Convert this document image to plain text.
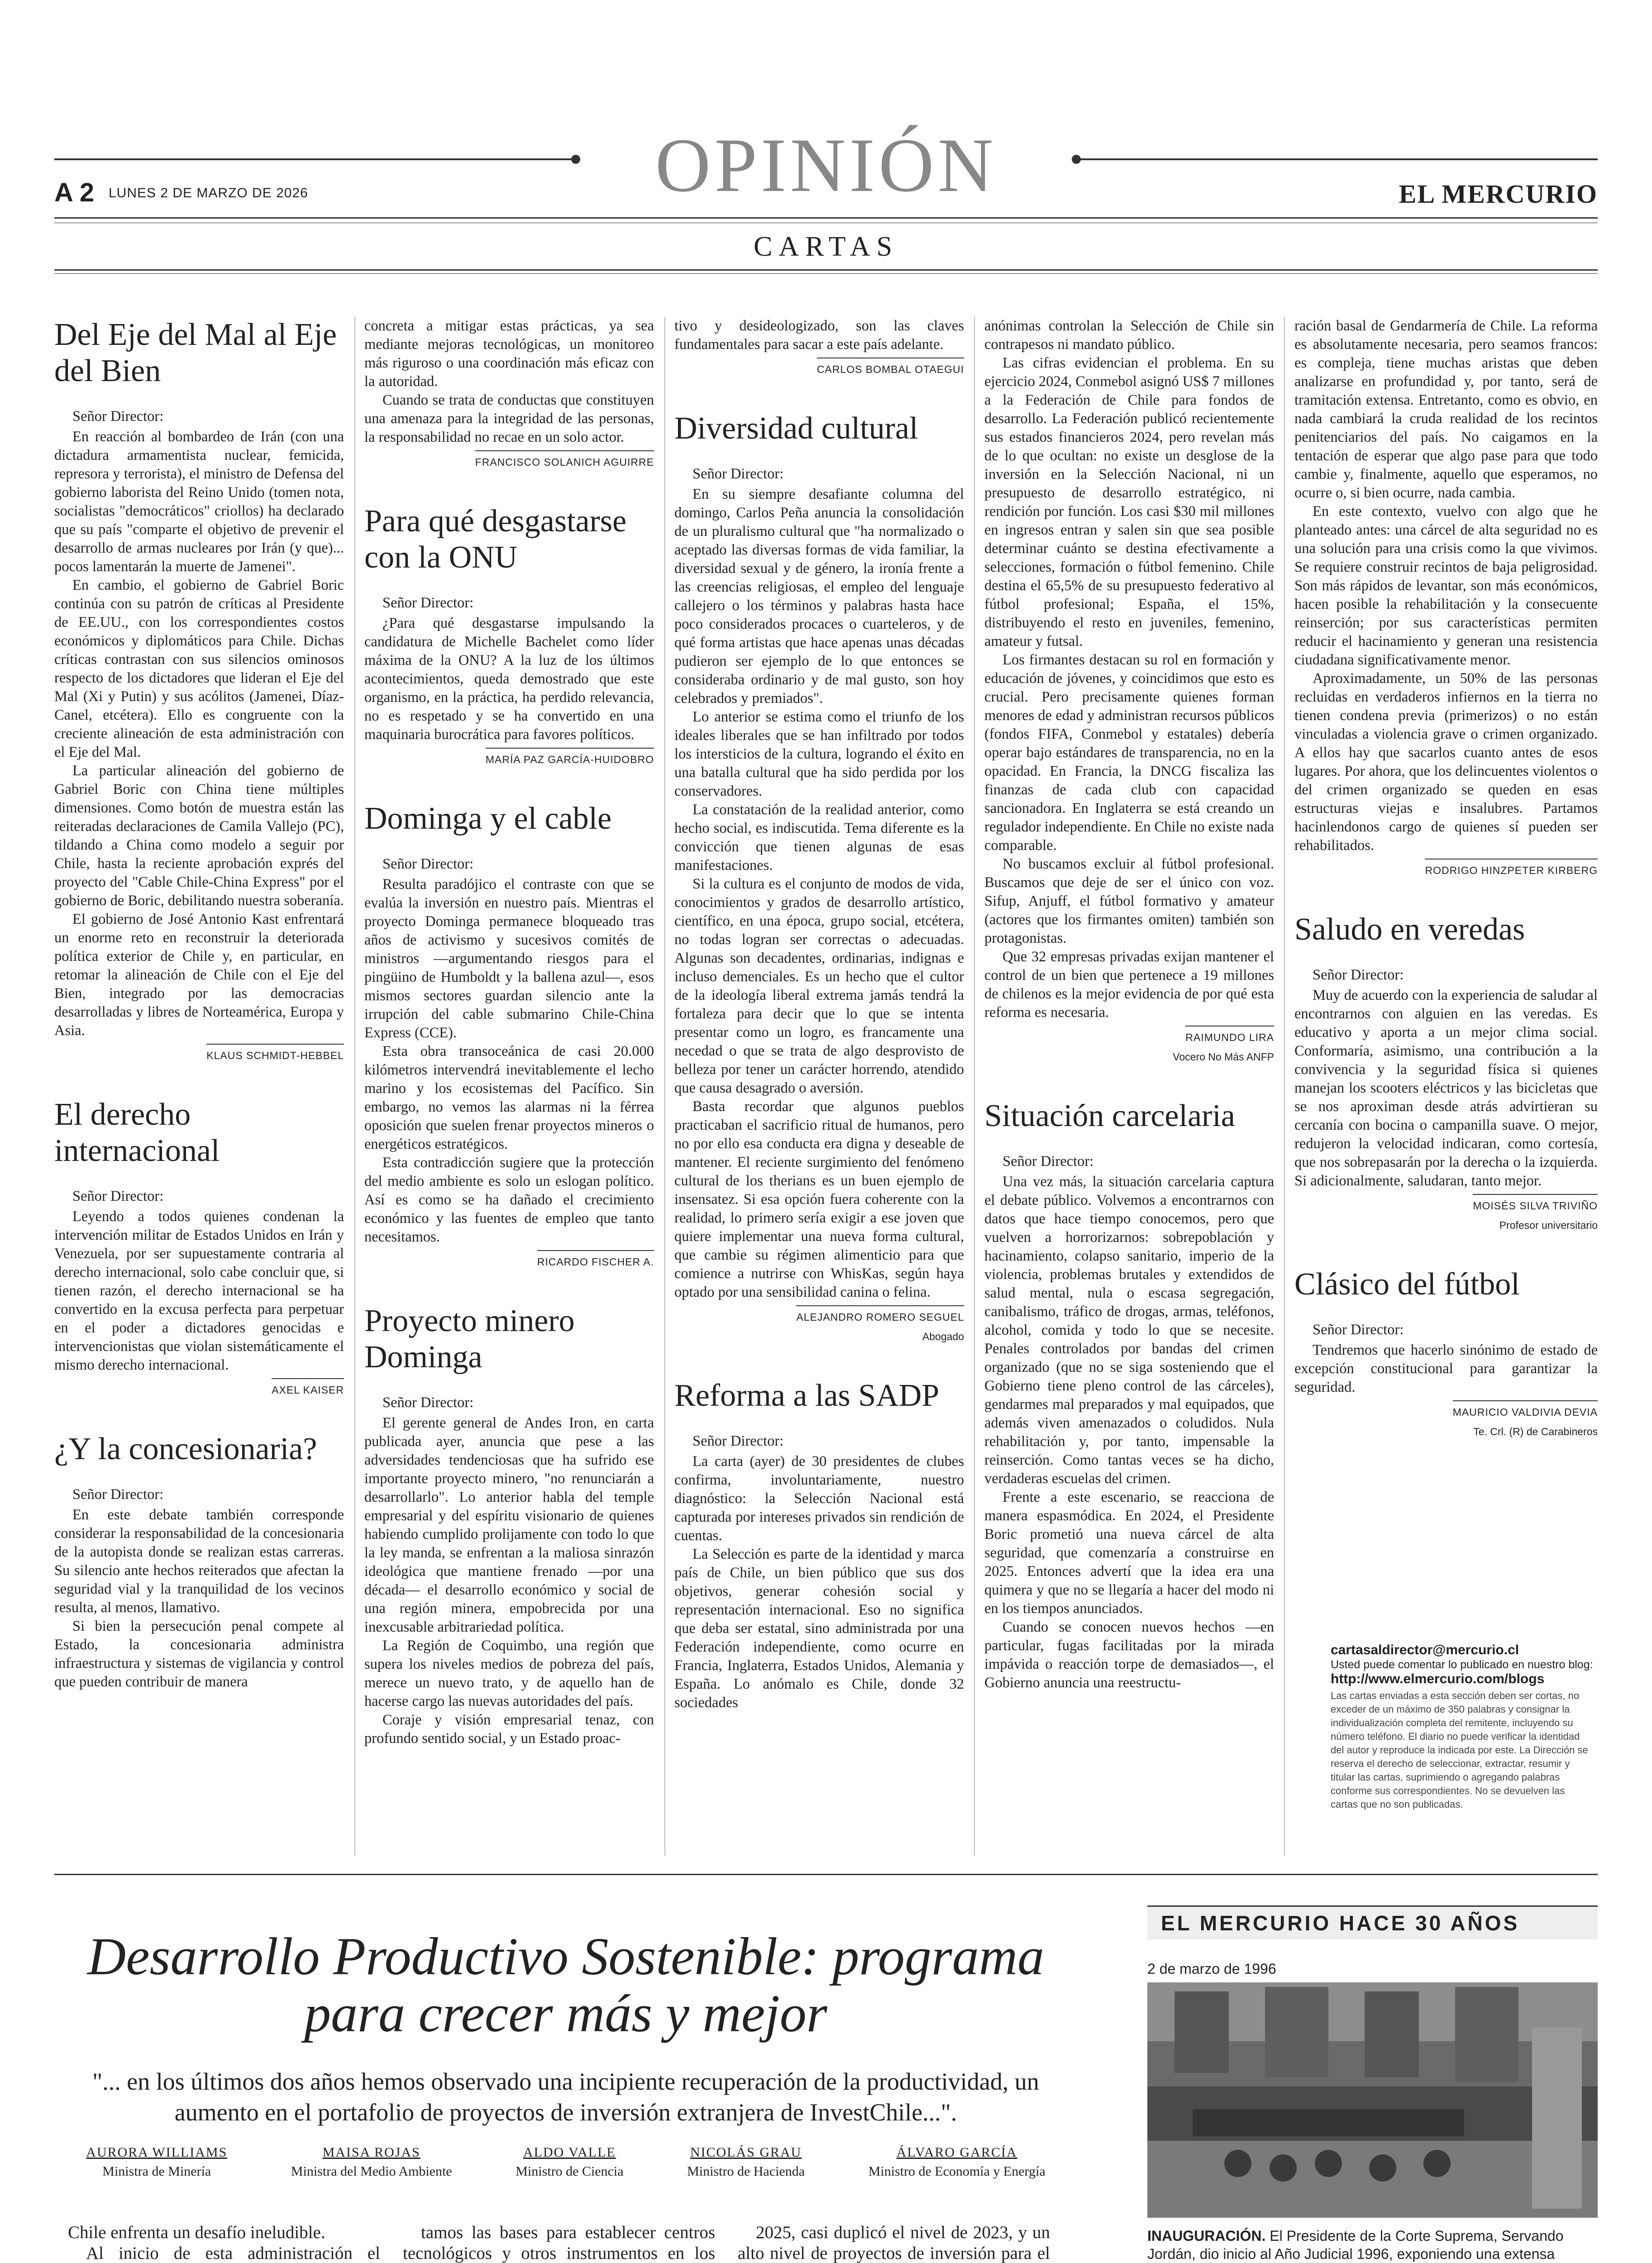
OPINIÓN
A 2 LUNES 2 DE MARZO DE 2026	EL MERCURIO
CARTAS
Del Eje del Mal al Eje del Bien

Señor Director:

En reacción al bombardeo de Irán (con una dictadura armamentista nuclear, femicida, represora y terrorista), el ministro de Defensa del gobierno laborista del Reino Unido (tomen nota, socialistas "democráticos" criollos) ha declarado que su país "comparte el objetivo de prevenir el desarrollo de armas nucleares por Irán (y que)... pocos lamentarán la muerte de Jamenei".

En cambio, el gobierno de Gabriel Boric continúa con su patrón de críticas al Presidente de EE.UU., con los correspondientes costos económicos y diplomáticos para Chile. Dichas críticas contrastan con sus silencios ominosos respecto de los dictadores que lideran el Eje del Mal (Xi y Putin) y sus acólitos (Jamenei, Díaz-Canel, etcétera). Ello es congruente con la creciente alineación de esta administración con el Eje del Mal.

La particular alineación del gobierno de Gabriel Boric con China tiene múltiples dimensiones. Como botón de muestra están las reiteradas declaraciones de Camila Vallejo (PC), tildando a China como modelo a seguir por Chile, hasta la reciente aprobación exprés del proyecto del "Cable Chile-China Express" por el gobierno de Boric, debilitando nuestra soberanía.

El gobierno de José Antonio Kast enfrentará un enorme reto en reconstruir la deteriorada política exterior de Chile y, en particular, en retomar la alineación de Chile con el Eje del Bien, integrado por las democracias desarrolladas y libres de Norteamérica, Europa y Asia.

KLAUS SCHMIDT-HEBBEL
El derecho internacional

Señor Director:

Leyendo a todos quienes condenan la intervención militar de Estados Unidos en Irán y Venezuela, por ser supuestamente contraria al derecho internacional, solo cabe concluir que, si tienen razón, el derecho internacional se ha convertido en la excusa perfecta para perpetuar en el poder a dictadores genocidas e intervencionistas que violan sistemáticamente el mismo derecho internacional.

AXEL KAISER
¿Y la concesionaria?

Señor Director:

En este debate también corresponde considerar la responsabilidad de la concesionaria de la autopista donde se realizan estas carreras. Su silencio ante hechos reiterados que afectan la seguridad vial y la tranquilidad de los vecinos resulta, al menos, llamativo.

Si bien la persecución penal compete al Estado, la concesionaria administra infraestructura y sistemas de vigilancia y control que pueden contribuir de manera

concreta a mitigar estas prácticas, ya sea mediante mejoras tecnológicas, un monitoreo más riguroso o una coordinación más eficaz con la autoridad.

Cuando se trata de conductas que constituyen una amenaza para la integridad de las personas, la responsabilidad no recae en un solo actor.

FRANCISCO SOLANICH AGUIRRE
Para qué desgastarse con la ONU

Señor Director:

¿Para qué desgastarse impulsando la candidatura de Michelle Bachelet como líder máxima de la ONU? A la luz de los últimos acontecimientos, queda demostrado que este organismo, en la práctica, ha perdido relevancia, no es respetado y se ha convertido en una maquinaria burocrática para favores políticos.

MARÍA PAZ GARCÍA-HUIDOBRO
Dominga y el cable

Señor Director:

Resulta paradójico el contraste con que se evalúa la inversión en nuestro país. Mientras el proyecto Dominga permanece bloqueado tras años de activismo y sucesivos comités de ministros —argumentando riesgos para el pingüino de Humboldt y la ballena azul—, esos mismos sectores guardan silencio ante la irrupción del cable submarino Chile-China Express (CCE).

Esta obra transoceánica de casi 20.000 kilómetros intervendrá inevitablemente el lecho marino y los ecosistemas del Pacífico. Sin embargo, no vemos las alarmas ni la férrea oposición que suelen frenar proyectos mineros o energéticos estratégicos.

Esta contradicción sugiere que la protección del medio ambiente es solo un eslogan político. Así es como se ha dañado el crecimiento económico y las fuentes de empleo que tanto necesitamos.

RICARDO FISCHER A.
Proyecto minero Dominga

Señor Director:

El gerente general de Andes Iron, en carta publicada ayer, anuncia que pese a las adversidades tendenciosas que ha sufrido ese importante proyecto minero, "no renunciarán a desarrollarlo". Lo anterior habla del temple empresarial y del espíritu visionario de quienes habiendo cumplido prolijamente con todo lo que la ley manda, se enfrentan a la maliosa sinrazón ideológica que mantiene frenado —por una década— el desarrollo económico y social de una región minera, empobrecida por una inexcusable arbitrariedad política.

La Región de Coquimbo, una región que supera los niveles medios de pobreza del país, merece un nuevo trato, y de aquello han de hacerse cargo las nuevas autoridades del país.

Coraje y visión empresarial tenaz, con profundo sentido social, y un Estado proac-

tivo y desideologizado, son las claves fundamentales para sacar a este país adelante.

CARLOS BOMBAL OTAEGUI
Diversidad cultural

Señor Director:

En su siempre desafiante columna del domingo, Carlos Peña anuncia la consolidación de un pluralismo cultural que "ha normalizado o aceptado las diversas formas de vida familiar, la diversidad sexual y de género, la ironía frente a las creencias religiosas, el empleo del lenguaje callejero o los términos y palabras hasta hace poco considerados procaces o cuarteleros, y de qué forma artistas que hace apenas unas décadas pudieron ser ejemplo de lo que entonces se consideraba ordinario y de mal gusto, son hoy celebrados y premiados".

Lo anterior se estima como el triunfo de los ideales liberales que se han infiltrado por todos los intersticios de la cultura, logrando el éxito en una batalla cultural que ha sido perdida por los conservadores.

La constatación de la realidad anterior, como hecho social, es indiscutida. Tema diferente es la convicción que tienen algunas de esas manifestaciones.

Si la cultura es el conjunto de modos de vida, conocimientos y grados de desarrollo artístico, científico, en una época, grupo social, etcétera, no todas logran ser correctas o adecuadas. Algunas son decadentes, ordinarias, indignas e incluso demenciales. Es un hecho que el cultor de la ideología liberal extrema jamás tendrá la fortaleza para decir que lo que se intenta presentar como un logro, es francamente una necedad o que se trata de algo desprovisto de belleza por tener un carácter horrendo, atendido que causa desagrado o aversión.

Basta recordar que algunos pueblos practicaban el sacrificio ritual de humanos, pero no por ello esa conducta era digna y deseable de mantener. El reciente surgimiento del fenómeno cultural de los therians es un buen ejemplo de insensatez. Si esa opción fuera coherente con la realidad, lo primero sería exigir a ese joven que quiere implementar una nueva forma cultural, que cambie su régimen alimenticio para que comience a nutrirse con WhisKas, según haya optado por una sensibilidad canina o felina.

ALEJANDRO ROMERO SEGUEL
Abogado
Reforma a las SADP

Señor Director:

La carta (ayer) de 30 presidentes de clubes confirma, involuntariamente, nuestro diagnóstico: la Selección Nacional está capturada por intereses privados sin rendición de cuentas.

La Selección es parte de la identidad y marca país de Chile, un bien público que sus dos objetivos, generar cohesión social y representación internacional. Eso no significa que deba ser estatal, sino administrada por una Federación independiente, como ocurre en Francia, Inglaterra, Estados Unidos, Alemania y España. Lo anómalo es Chile, donde 32 sociedades

anónimas controlan la Selección de Chile sin contrapesos ni mandato público.

Las cifras evidencian el problema. En su ejercicio 2024, Conmebol asignó US$ 7 millones a la Federación de Chile para fondos de desarrollo. La Federación publicó recientemente sus estados financieros 2024, pero revelan más de lo que ocultan: no existe un desglose de la inversión en la Selección Nacional, ni un presupuesto de desarrollo estratégico, ni rendición por función. Los casi $30 mil millones en ingresos entran y salen sin que sea posible determinar cuánto se destina efectivamente a selecciones, formación o fútbol femenino. Chile destina el 65,5% de su presupuesto federativo al fútbol profesional; España, el 15%, distribuyendo el resto en juveniles, femenino, amateur y futsal.

Los firmantes destacan su rol en formación y educación de jóvenes, y coincidimos que esto es crucial. Pero precisamente quienes forman menores de edad y administran recursos públicos (fondos FIFA, Conmebol y estatales) debería operar bajo estándares de transparencia, no en la opacidad. En Francia, la DNCG fiscaliza las finanzas de cada club con capacidad sancionadora. En Inglaterra se está creando un regulador independiente. En Chile no existe nada comparable.

No buscamos excluir al fútbol profesional. Buscamos que deje de ser el único con voz. Sifup, Anjuff, el fútbol formativo y amateur (actores que los firmantes omiten) también son protagonistas.

Que 32 empresas privadas exijan mantener el control de un bien que pertenece a 19 millones de chilenos es la mejor evidencia de por qué esta reforma es necesaria.

RAIMUNDO LIRA
Vocero No Más ANFP
Situación carcelaria

Señor Director:

Una vez más, la situación carcelaria captura el debate público. Volvemos a encontrarnos con datos que hace tiempo conocemos, pero que vuelven a horrorizarnos: sobrepoblación y hacinamiento, colapso sanitario, imperio de la violencia, problemas brutales y extendidos de salud mental, nula o escasa segregación, canibalismo, tráfico de drogas, armas, teléfonos, alcohol, comida y todo lo que se necesite. Penales controlados por bandas del crimen organizado (que no se siga sosteniendo que el Gobierno tiene pleno control de las cárceles), gendarmes mal preparados y mal equipados, que además viven amenazados o coludidos. Nula rehabilitación y, por tanto, impensable la reinserción. Como tantas veces se ha dicho, verdaderas escuelas del crimen.

Frente a este escenario, se reacciona de manera espasmódica. En 2024, el Presidente Boric prometió una nueva cárcel de alta seguridad, que comenzaría a construirse en 2025. Entonces advertí que la idea era una quimera y que no se llegaría a hacer del modo ni en los tiempos anunciados.

Cuando se conocen nuevos hechos —en particular, fugas facilitadas por la mirada impávida o reacción torpe de demasiados—, el Gobierno anuncia una reestructu-

ración basal de Gendarmería de Chile. La reforma es absolutamente necesaria, pero seamos francos: es compleja, tiene muchas aristas que deben analizarse en profundidad y, por tanto, será de tramitación extensa. Entretanto, como es obvio, en nada cambiará la cruda realidad de los recintos penitenciarios del país. No caigamos en la tentación de esperar que algo pase para que todo cambie y, finalmente, aquello que esperamos, no ocurre o, si bien ocurre, nada cambia.

En este contexto, vuelvo con algo que he planteado antes: una cárcel de alta seguridad no es una solución para una crisis como la que vivimos. Se requiere construir recintos de baja peligrosidad. Son más rápidos de levantar, son más económicos, hacen posible la rehabilitación y la consecuente reinserción; por sus características permiten reducir el hacinamiento y generan una resistencia ciudadana significativamente menor.

Aproximadamente, un 50% de las personas recluidas en verdaderos infiernos en la tierra no tienen condena previa (primerizos) o no están vinculadas a violencia grave o crimen organizado. A ellos hay que sacarlos cuanto antes de esos lugares. Por ahora, que los delincuentes violentos o del crimen organizado se queden en esas estructuras viejas e insalubres. Partamos hacinlendonos cargo de quienes sí pueden ser rehabilitados.

RODRIGO HINZPETER KIRBERG
Saludo en veredas

Señor Director:

Muy de acuerdo con la experiencia de saludar al encontrarnos con alguien en las veredas. Es educativo y aporta a un mejor clima social. Conformaría, asimismo, una contribución a la convivencia y la seguridad física si quienes manejan los scooters eléctricos y las bicicletas que se nos aproximan desde atrás advirtieran su cercanía con bocina o campanilla suave. O mejor, redujeron la velocidad indicaran, como cortesía, que nos sobrepasarán por la derecha o la izquierda. Si adicionalmente, saludaran, tanto mejor.

MOISÉS SILVA TRIVIÑO
Profesor universitario
Clásico del fútbol

Señor Director:

Tendremos que hacerlo sinónimo de estado de excepción constitucional para garantizar la seguridad.

MAURICIO VALDIVIA DEVIA
Te. Crl. (R) de Carabineros
cartasaldirector@mercurio.cl
Usted puede comentar lo publicado en nuestro blog:
http://www.elmercurio.com/blogs
Las cartas enviadas a esta sección deben ser cortas, no exceder de un máximo de 350 palabras y consignar la individualización completa del remitente, incluyendo su número teléfono. El diario no puede verificar la identidad del autor y reproduce la indicada por este. La Dirección se reserva el derecho de seleccionar, extractar, resumir y titular las cartas, suprimiendo o agregando palabras conforme sus correspondientes. No se devuelven las cartas que no son publicadas.
Desarrollo Productivo Sostenible: programa para crecer más y mejor
"... en los últimos dos años hemos observado una incipiente recuperación de la productividad, un aumento en el portafolio de proyectos de inversión extranjera de InvestChile...".
AURORA WILLIAMS
Ministra de Minería
MAISA ROJAS
Ministra del Medio Ambiente
ALDO VALLE
Ministro de Ciencia
NICOLÁS GRAU
Ministro de Hacienda
ÁLVARO GARCÍA
Ministro de Economía y Energía

Chile enfrenta un desafío ineludible.

Al inicio de esta administración el

tamos las bases para establecer centros tecnológicos y otros instrumentos en los

2025, casi duplicó el nivel de 2023, y un alto nivel de proyectos de inversión para el

EL MERCURIO HACE 30 AÑOS
2 de marzo de 1996

INAUGURACIÓN. El Presidente de la Corte Suprema, Servando Jordán, dio inicio al Año Judicial 1996, exponiendo una extensa
